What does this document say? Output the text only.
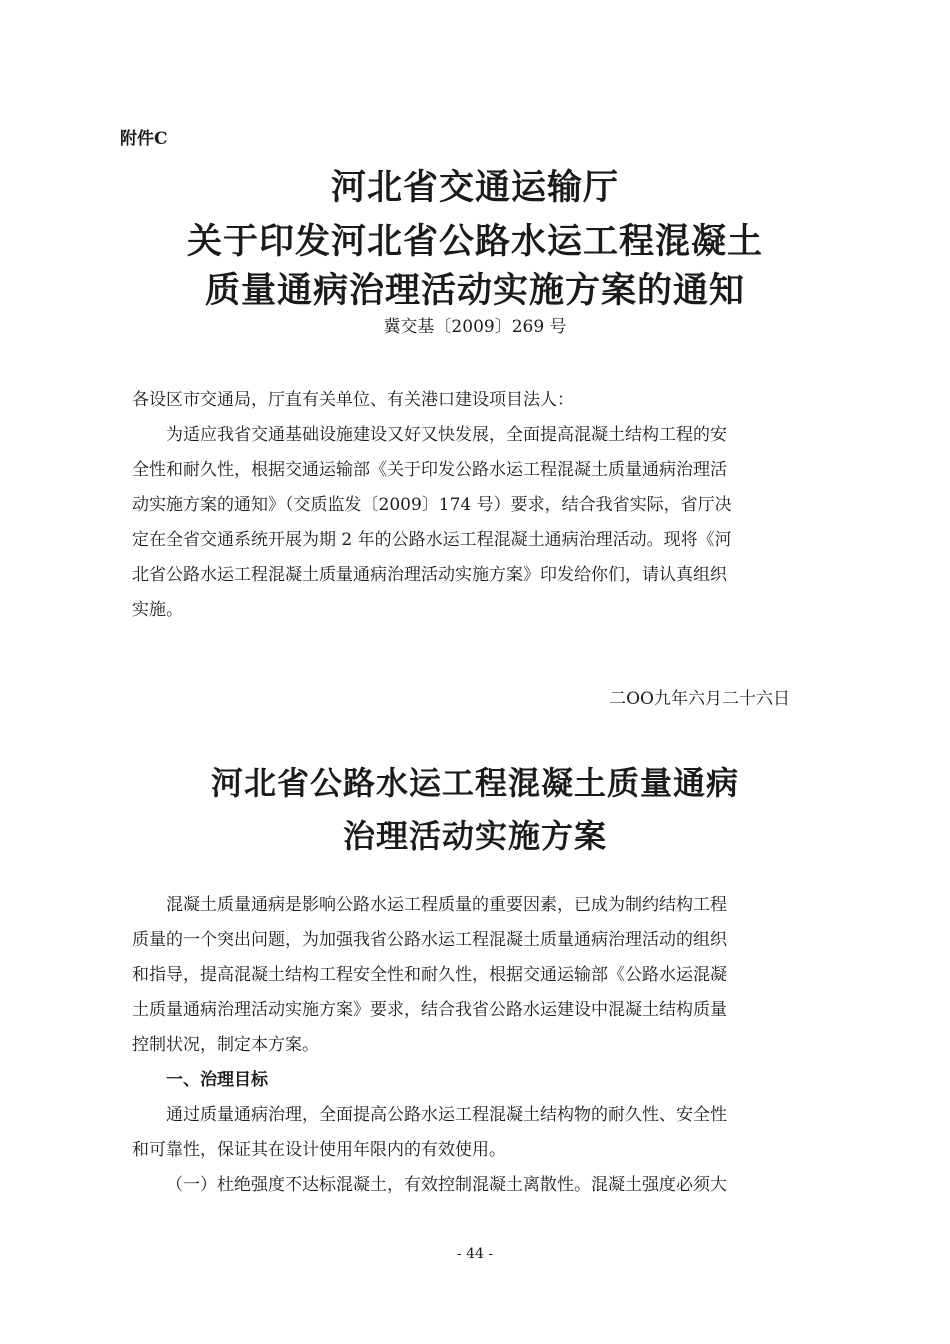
附件C
河北省交通运输厅
关于印发河北省公路水运工程混凝土
质量通病治理活动实施方案的通知
冀交基〔2009〕269 号
各设区市交通局，厅直有关单位、有关港口建设项目法人：
为适应我省交通基础设施建设又好又快发展，全面提高混凝土结构工程的安
全性和耐久性，根据交通运输部《关于印发公路水运工程混凝土质量通病治理活
动实施方案的通知》（交质监发〔2009〕174 号）要求，结合我省实际，省厅决
定在全省交通系统开展为期 2 年的公路水运工程混凝土通病治理活动。现将《河
北省公路水运工程混凝土质量通病治理活动实施方案》印发给你们，请认真组织
实施。
二OO九年六月二十六日
河北省公路水运工程混凝土质量通病
治理活动实施方案
混凝土质量通病是影响公路水运工程质量的重要因素，已成为制约结构工程
质量的一个突出问题，为加强我省公路水运工程混凝土质量通病治理活动的组织
和指导，提高混凝土结构工程安全性和耐久性，根据交通运输部《公路水运混凝
土质量通病治理活动实施方案》要求，结合我省公路水运建设中混凝土结构质量
控制状况，制定本方案。
一、治理目标
通过质量通病治理，全面提高公路水运工程混凝土结构物的耐久性、安全性
和可靠性，保证其在设计使用年限内的有效使用。
（一）杜绝强度不达标混凝土，有效控制混凝土离散性。混凝土强度必须大
- 44 -
